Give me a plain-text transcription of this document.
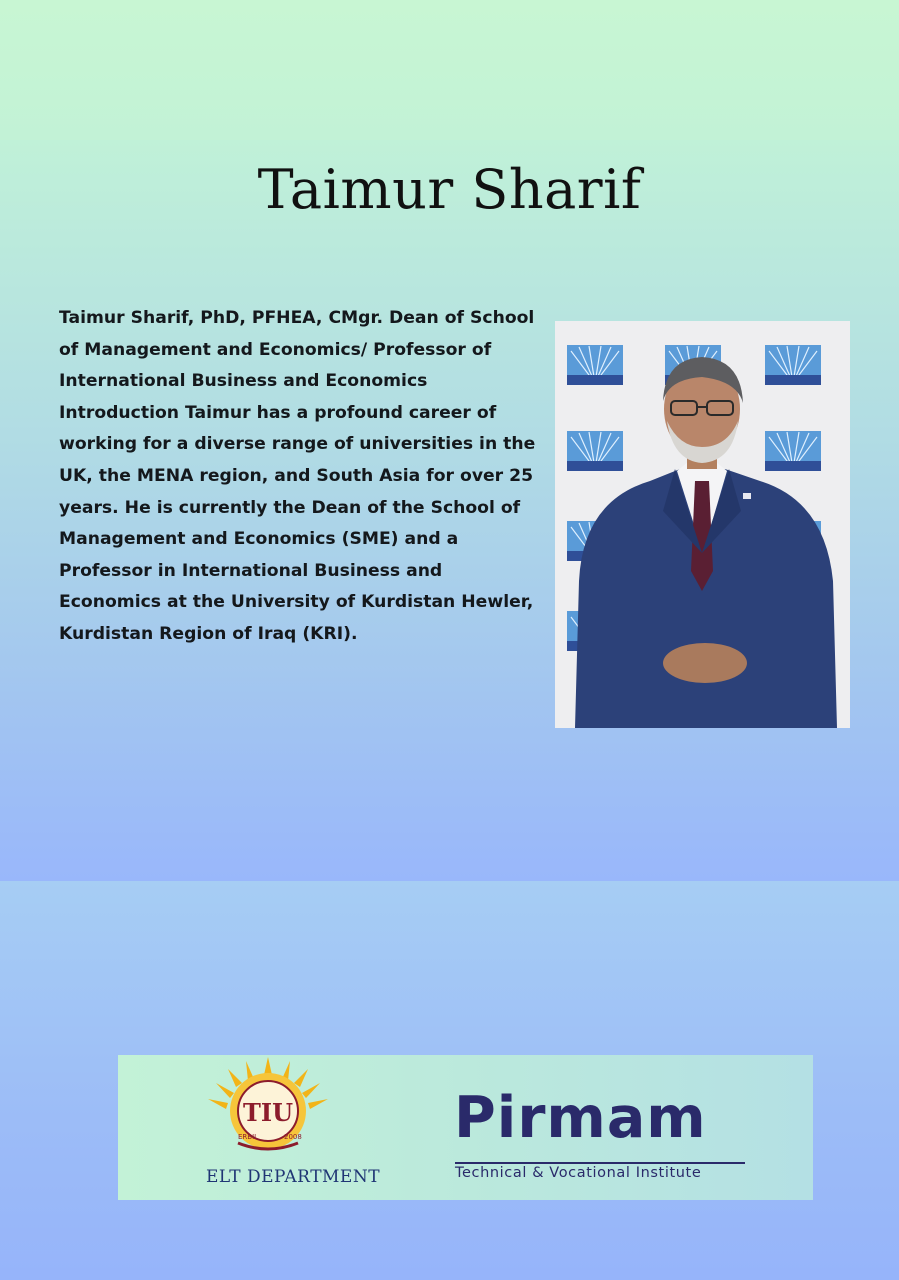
Taimur Sharif

Taimur Sharif, PhD, PFHEA, CMgr. Dean of School of Management and Economics/ Professor of International Business and Economics Introduction Taimur has a profound career of working for a diverse range of universities in the UK, the MENA region, and South Asia for over 25 years. He is currently the Dean of the School of Management and Economics (SME) and a Professor in International Business and Economics at the University of Kurdistan Hewler, Kurdistan Region of Iraq (KRI).

TIU
ERBIL	2008
ELT DEPARTMENT
Pirmam
Technical & Vocational Institute
